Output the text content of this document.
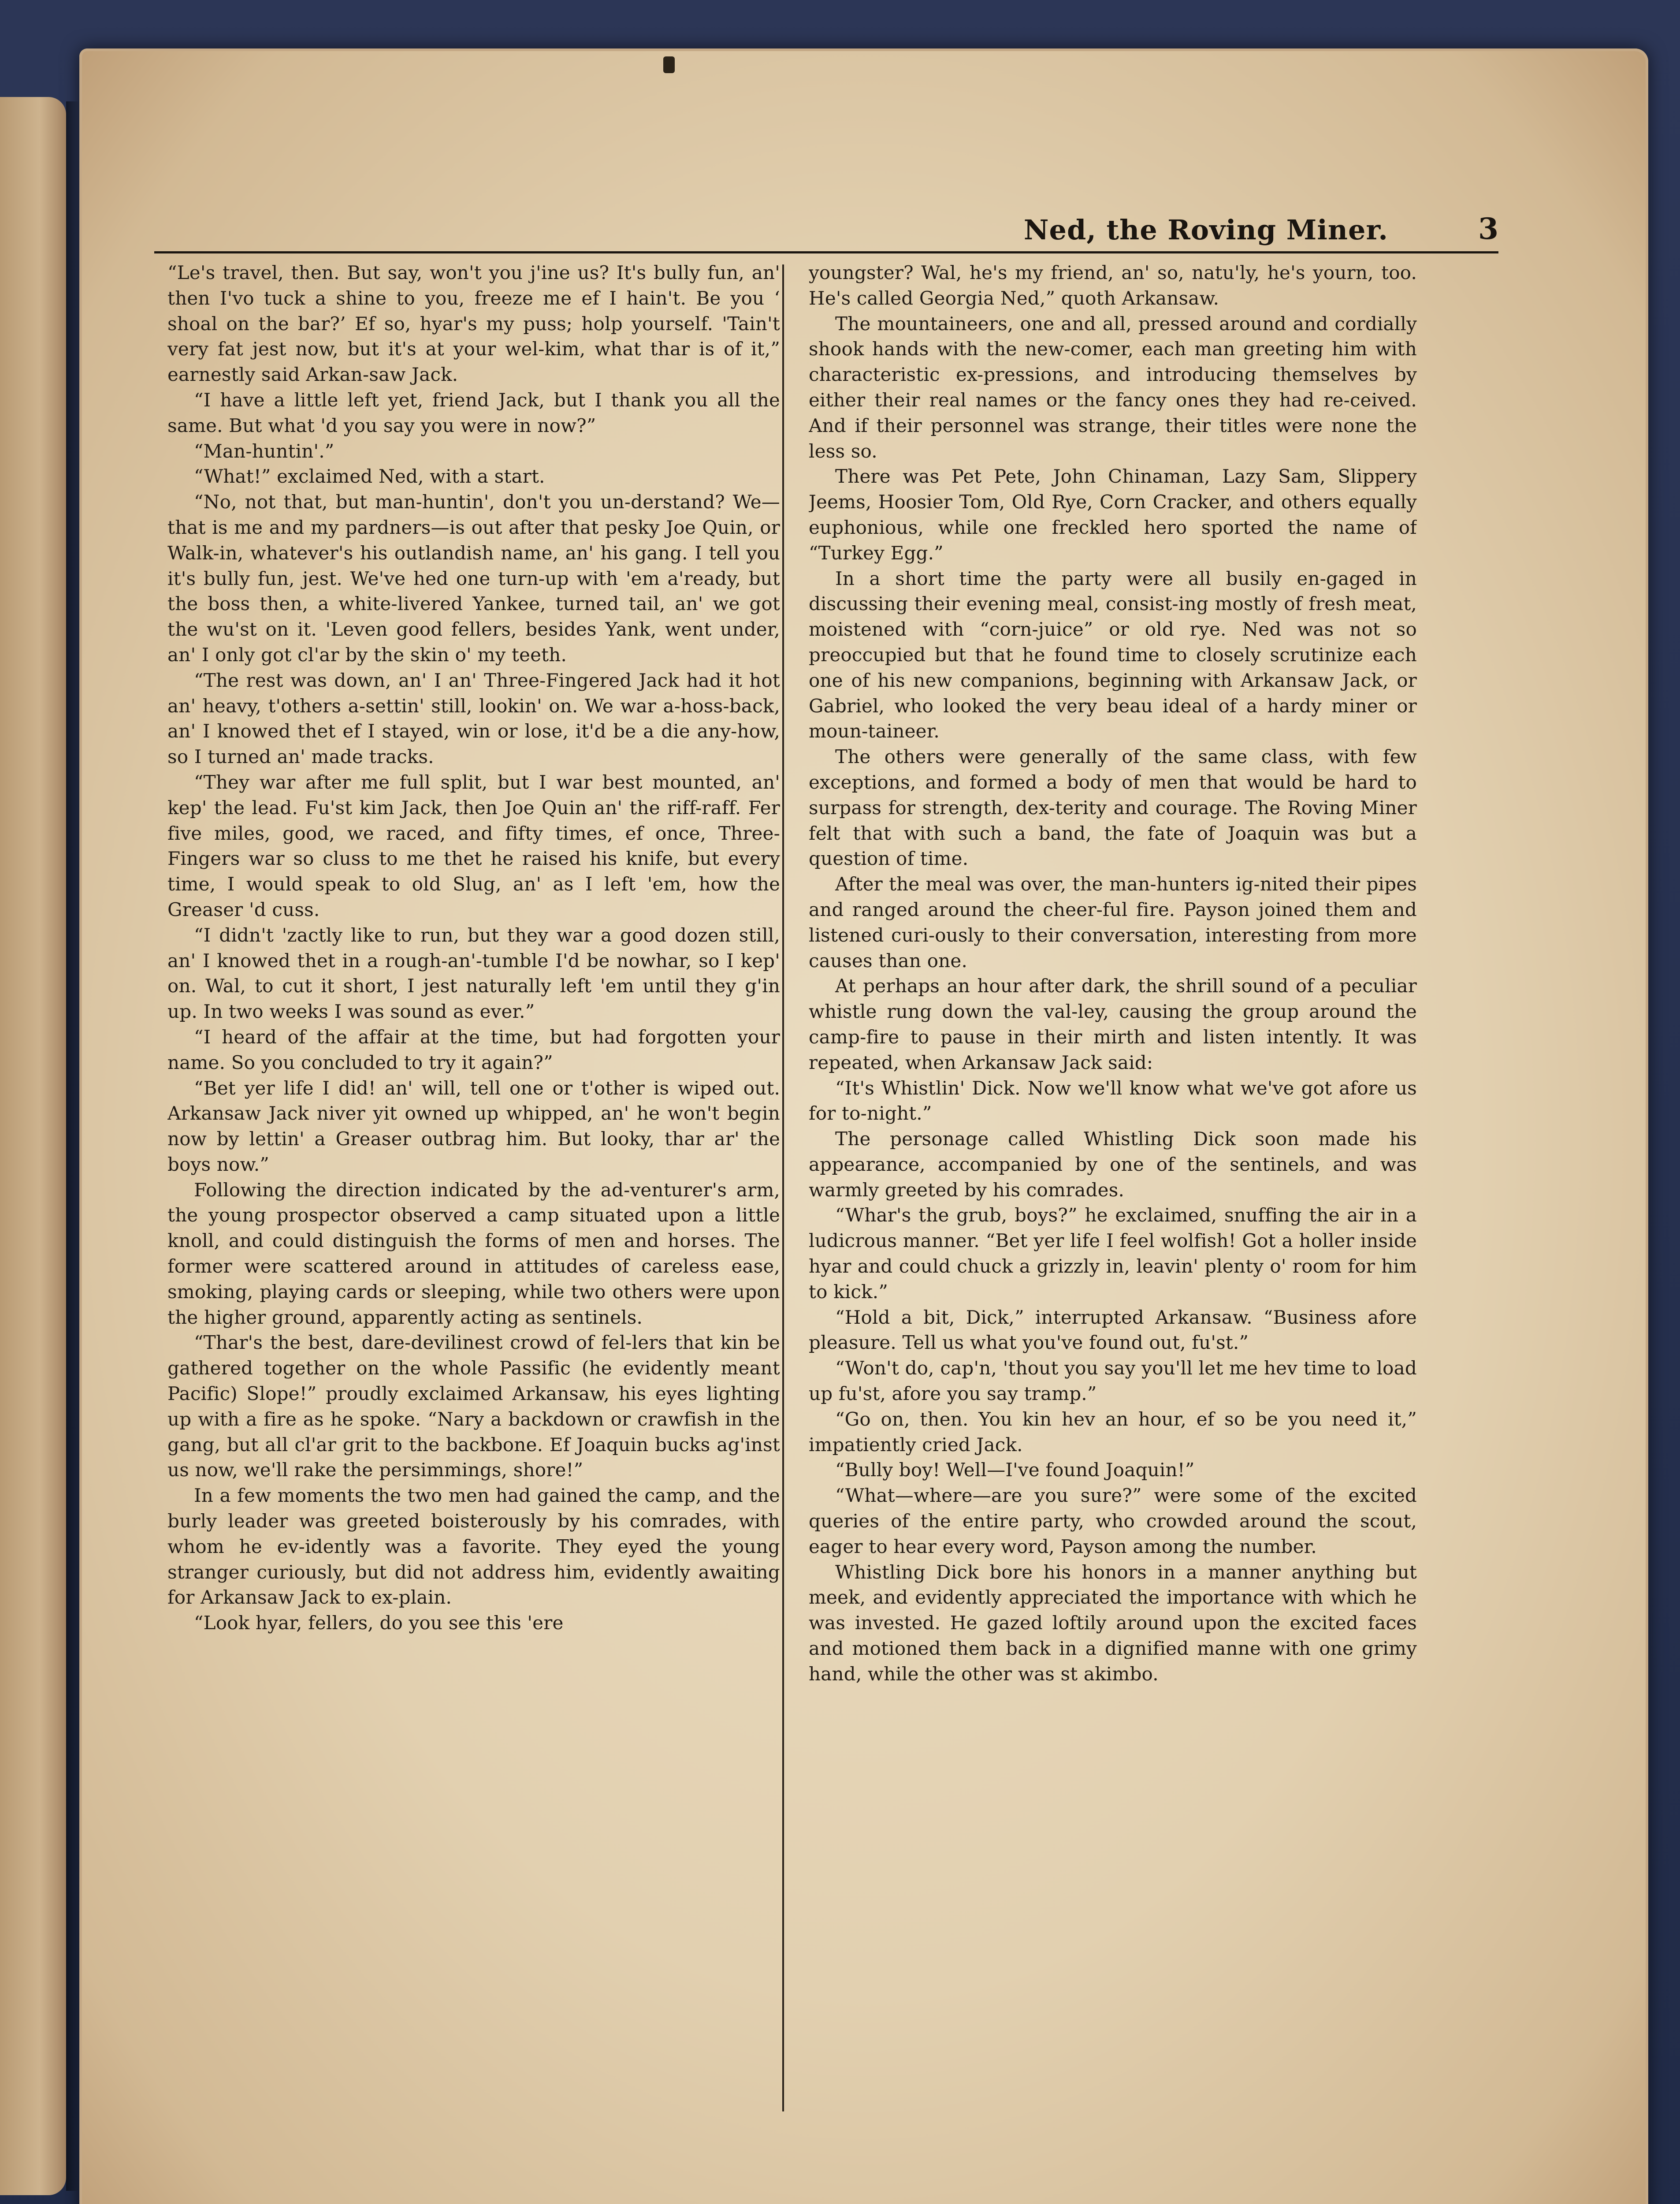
Ned, the Roving Miner.	3

“Le's travel, then. But say, won't you j'ine us? It's bully fun, an' then I'vo tuck a shine to you, freeze me ef I hain't. Be you ‘ shoal on the bar?’ Ef so, hyar's my puss; holp yourself. 'Tain't very fat jest now, but it's at your wel-kim, what thar is of it,” earnestly said Arkan-saw Jack.

“I have a little left yet, friend Jack, but I thank you all the same. But what 'd you say you were in now?”

“Man-huntin'.”

“What!” exclaimed Ned, with a start.

“No, not that, but man-huntin', don't you un-derstand? We—that is me and my pardners—is out after that pesky Joe Quin, or Walk-in, whatever's his outlandish name, an' his gang. I tell you it's bully fun, jest. We've hed one turn-up with 'em a'ready, but the boss then, a white-livered Yankee, turned tail, an' we got the wu'st on it. 'Leven good fellers, besides Yank, went under, an' I only got cl'ar by the skin o' my teeth.

“The rest was down, an' I an' Three-Fingered Jack had it hot an' heavy, t'others a-settin' still, lookin' on. We war a-hoss-back, an' I knowed thet ef I stayed, win or lose, it'd be a die any-how, so I turned an' made tracks.

“They war after me full split, but I war best mounted, an' kep' the lead. Fu'st kim Jack, then Joe Quin an' the riff-raff. Fer five miles, good, we raced, and fifty times, ef once, Three-Fingers war so cluss to me thet he raised his knife, but every time, I would speak to old Slug, an' as I left 'em, how the Greaser 'd cuss.

“I didn't 'zactly like to run, but they war a good dozen still, an' I knowed thet in a rough-an'-tumble I'd be nowhar, so I kep' on. Wal, to cut it short, I jest naturally left 'em until they g'in up. In two weeks I was sound as ever.”

“I heard of the affair at the time, but had forgotten your name. So you concluded to try it again?”

“Bet yer life I did! an' will, tell one or t'other is wiped out. Arkansaw Jack niver yit owned up whipped, an' he won't begin now by lettin' a Greaser outbrag him. But looky, thar ar' the boys now.”

Following the direction indicated by the ad-venturer's arm, the young prospector observed a camp situated upon a little knoll, and could distinguish the forms of men and horses. The former were scattered around in attitudes of careless ease, smoking, playing cards or sleeping, while two others were upon the higher ground, apparently acting as sentinels.

“Thar's the best, dare-devilinest crowd of fel-lers that kin be gathered together on the whole Passific (he evidently meant Pacific) Slope!” proudly exclaimed Arkansaw, his eyes lighting up with a fire as he spoke. “Nary a backdown or crawfish in the gang, but all cl'ar grit to the backbone. Ef Joaquin bucks ag'inst us now, we'll rake the persimmings, shore!”

In a few moments the two men had gained the camp, and the burly leader was greeted boisterously by his comrades, with whom he ev-idently was a favorite. They eyed the young stranger curiously, but did not address him, evidently awaiting for Arkansaw Jack to ex-plain.

“Look hyar, fellers, do you see this 'ere

youngster? Wal, he's my friend, an' so, natu'ly, he's yourn, too. He's called Georgia Ned,” quoth Arkansaw.

The mountaineers, one and all, pressed around and cordially shook hands with the new-comer, each man greeting him with characteristic ex-pressions, and introducing themselves by either their real names or the fancy ones they had re-ceived. And if their personnel was strange, their titles were none the less so.

There was Pet Pete, John Chinaman, Lazy Sam, Slippery Jeems, Hoosier Tom, Old Rye, Corn Cracker, and others equally euphonious, while one freckled hero sported the name of “Turkey Egg.”

In a short time the party were all busily en-gaged in discussing their evening meal, consist-ing mostly of fresh meat, moistened with “corn-juice” or old rye. Ned was not so preoccupied but that he found time to closely scrutinize each one of his new companions, beginning with Arkansaw Jack, or Gabriel, who looked the very beau ideal of a hardy miner or moun-taineer.

The others were generally of the same class, with few exceptions, and formed a body of men that would be hard to surpass for strength, dex-terity and courage. The Roving Miner felt that with such a band, the fate of Joaquin was but a question of time.

After the meal was over, the man-hunters ig-nited their pipes and ranged around the cheer-ful fire. Payson joined them and listened curi-ously to their conversation, interesting from more causes than one.

At perhaps an hour after dark, the shrill sound of a peculiar whistle rung down the val-ley, causing the group around the camp-fire to pause in their mirth and listen intently. It was repeated, when Arkansaw Jack said:

“It's Whistlin' Dick. Now we'll know what we've got afore us for to-night.”

The personage called Whistling Dick soon made his appearance, accompanied by one of the sentinels, and was warmly greeted by his comrades.

“Whar's the grub, boys?” he exclaimed, snuffing the air in a ludicrous manner. “Bet yer life I feel wolfish! Got a holler inside hyar and could chuck a grizzly in, leavin' plenty o' room for him to kick.”

“Hold a bit, Dick,” interrupted Arkansaw. “Business afore pleasure. Tell us what you've found out, fu'st.”

“Won't do, cap'n, 'thout you say you'll let me hev time to load up fu'st, afore you say tramp.”

“Go on, then. You kin hev an hour, ef so be you need it,” impatiently cried Jack.

“Bully boy! Well—I've found Joaquin!”

“What—where—are you sure?” were some of the excited queries of the entire party, who crowded around the scout, eager to hear every word, Payson among the number.

Whistling Dick bore his honors in a manner anything but meek, and evidently appreciated the importance with which he was invested. He gazed loftily around upon the excited faces and motioned them back in a dignified manne with one grimy hand, while the other was st akimbo.
